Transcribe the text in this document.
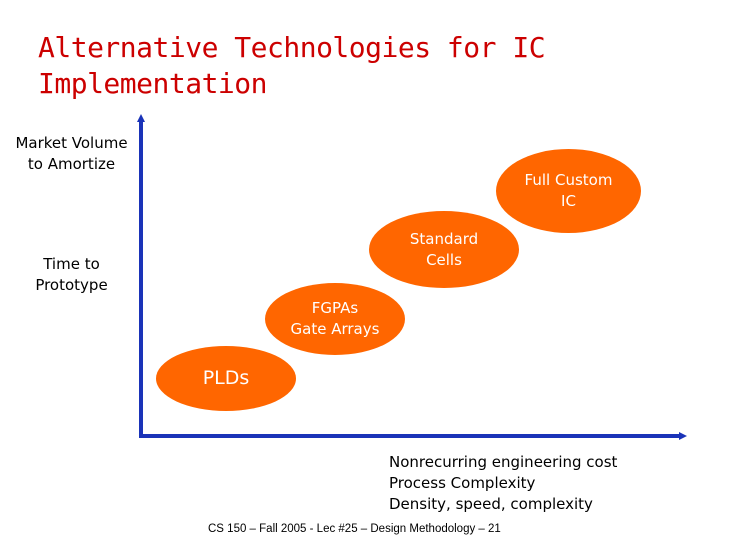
Alternative Technologies for IC
Implementation
Market Volume
to Amortize
Time to
Prototype
Full Custom
IC
Standard
Cells
FGPAs
Gate Arrays
PLDs
Nonrecurring engineering cost
Process Complexity
Density, speed, complexity
CS 150 – Fall 2005 - Lec #25 – Design Methodology – 21
